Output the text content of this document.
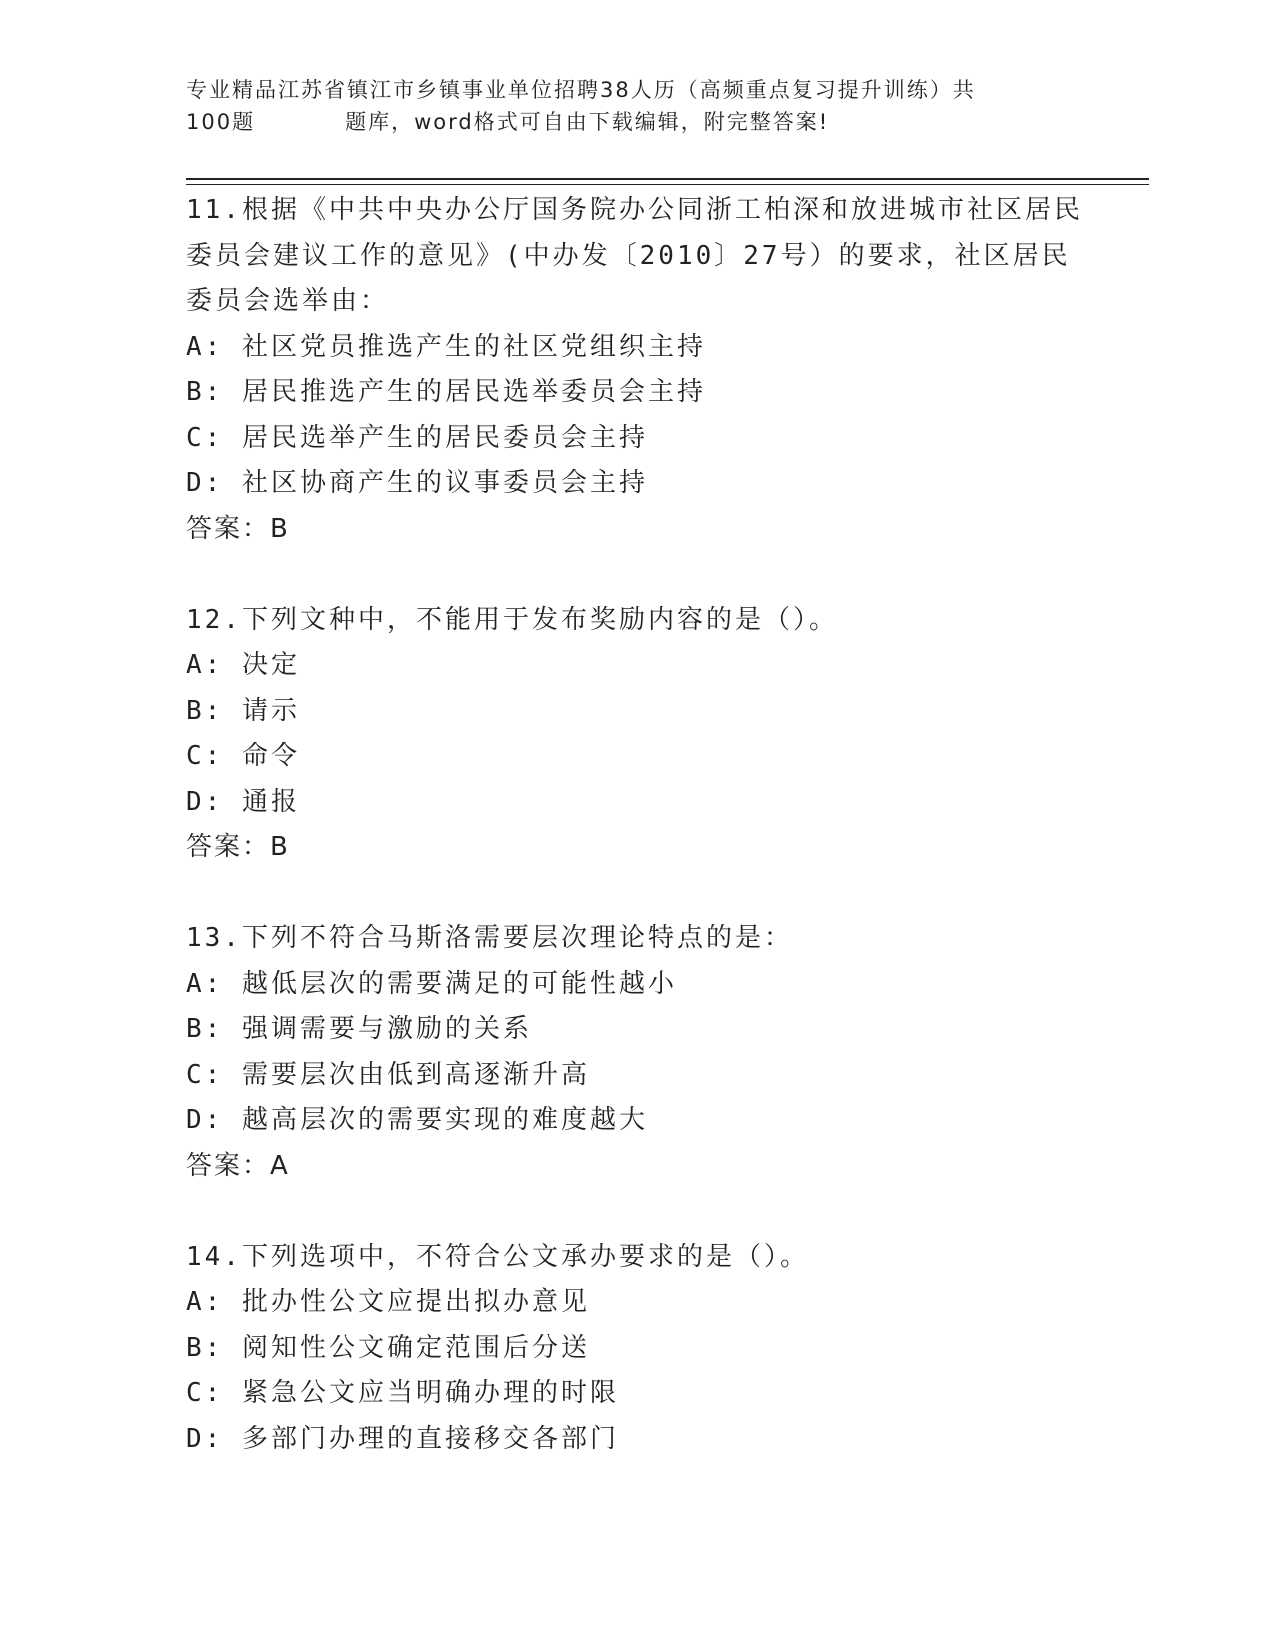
专业精品江苏省镇江市乡镇事业单位招聘38人历（高频重点复习提升训练）共
100题	题库，word格式可自由下载编辑，附完整答案!

11.根据《中共中央办公厅国务院办公同浙工柏深和放进城市社区居民委员会建议工作的意见》(中办发〔2010〕27号）的要求，社区居民委员会选举由：

A: 社区党员推选产生的社区党组织主持

B: 居民推选产生的居民选举委员会主持

C: 居民选举产生的居民委员会主持

D: 社区协商产生的议事委员会主持

答案：B

12.下列文种中，不能用于发布奖励内容的是（）。

A: 决定

B: 请示

C: 命令

D: 通报

答案：B

13.下列不符合马斯洛需要层次理论特点的是：

A: 越低层次的需要满足的可能性越小

B: 强调需要与激励的关系

C: 需要层次由低到高逐渐升高

D: 越高层次的需要实现的难度越大

答案：A

14.下列选项中，不符合公文承办要求的是（）。

A: 批办性公文应提出拟办意见

B: 阅知性公文确定范围后分送

C: 紧急公文应当明确办理的时限

D: 多部门办理的直接移交各部门
